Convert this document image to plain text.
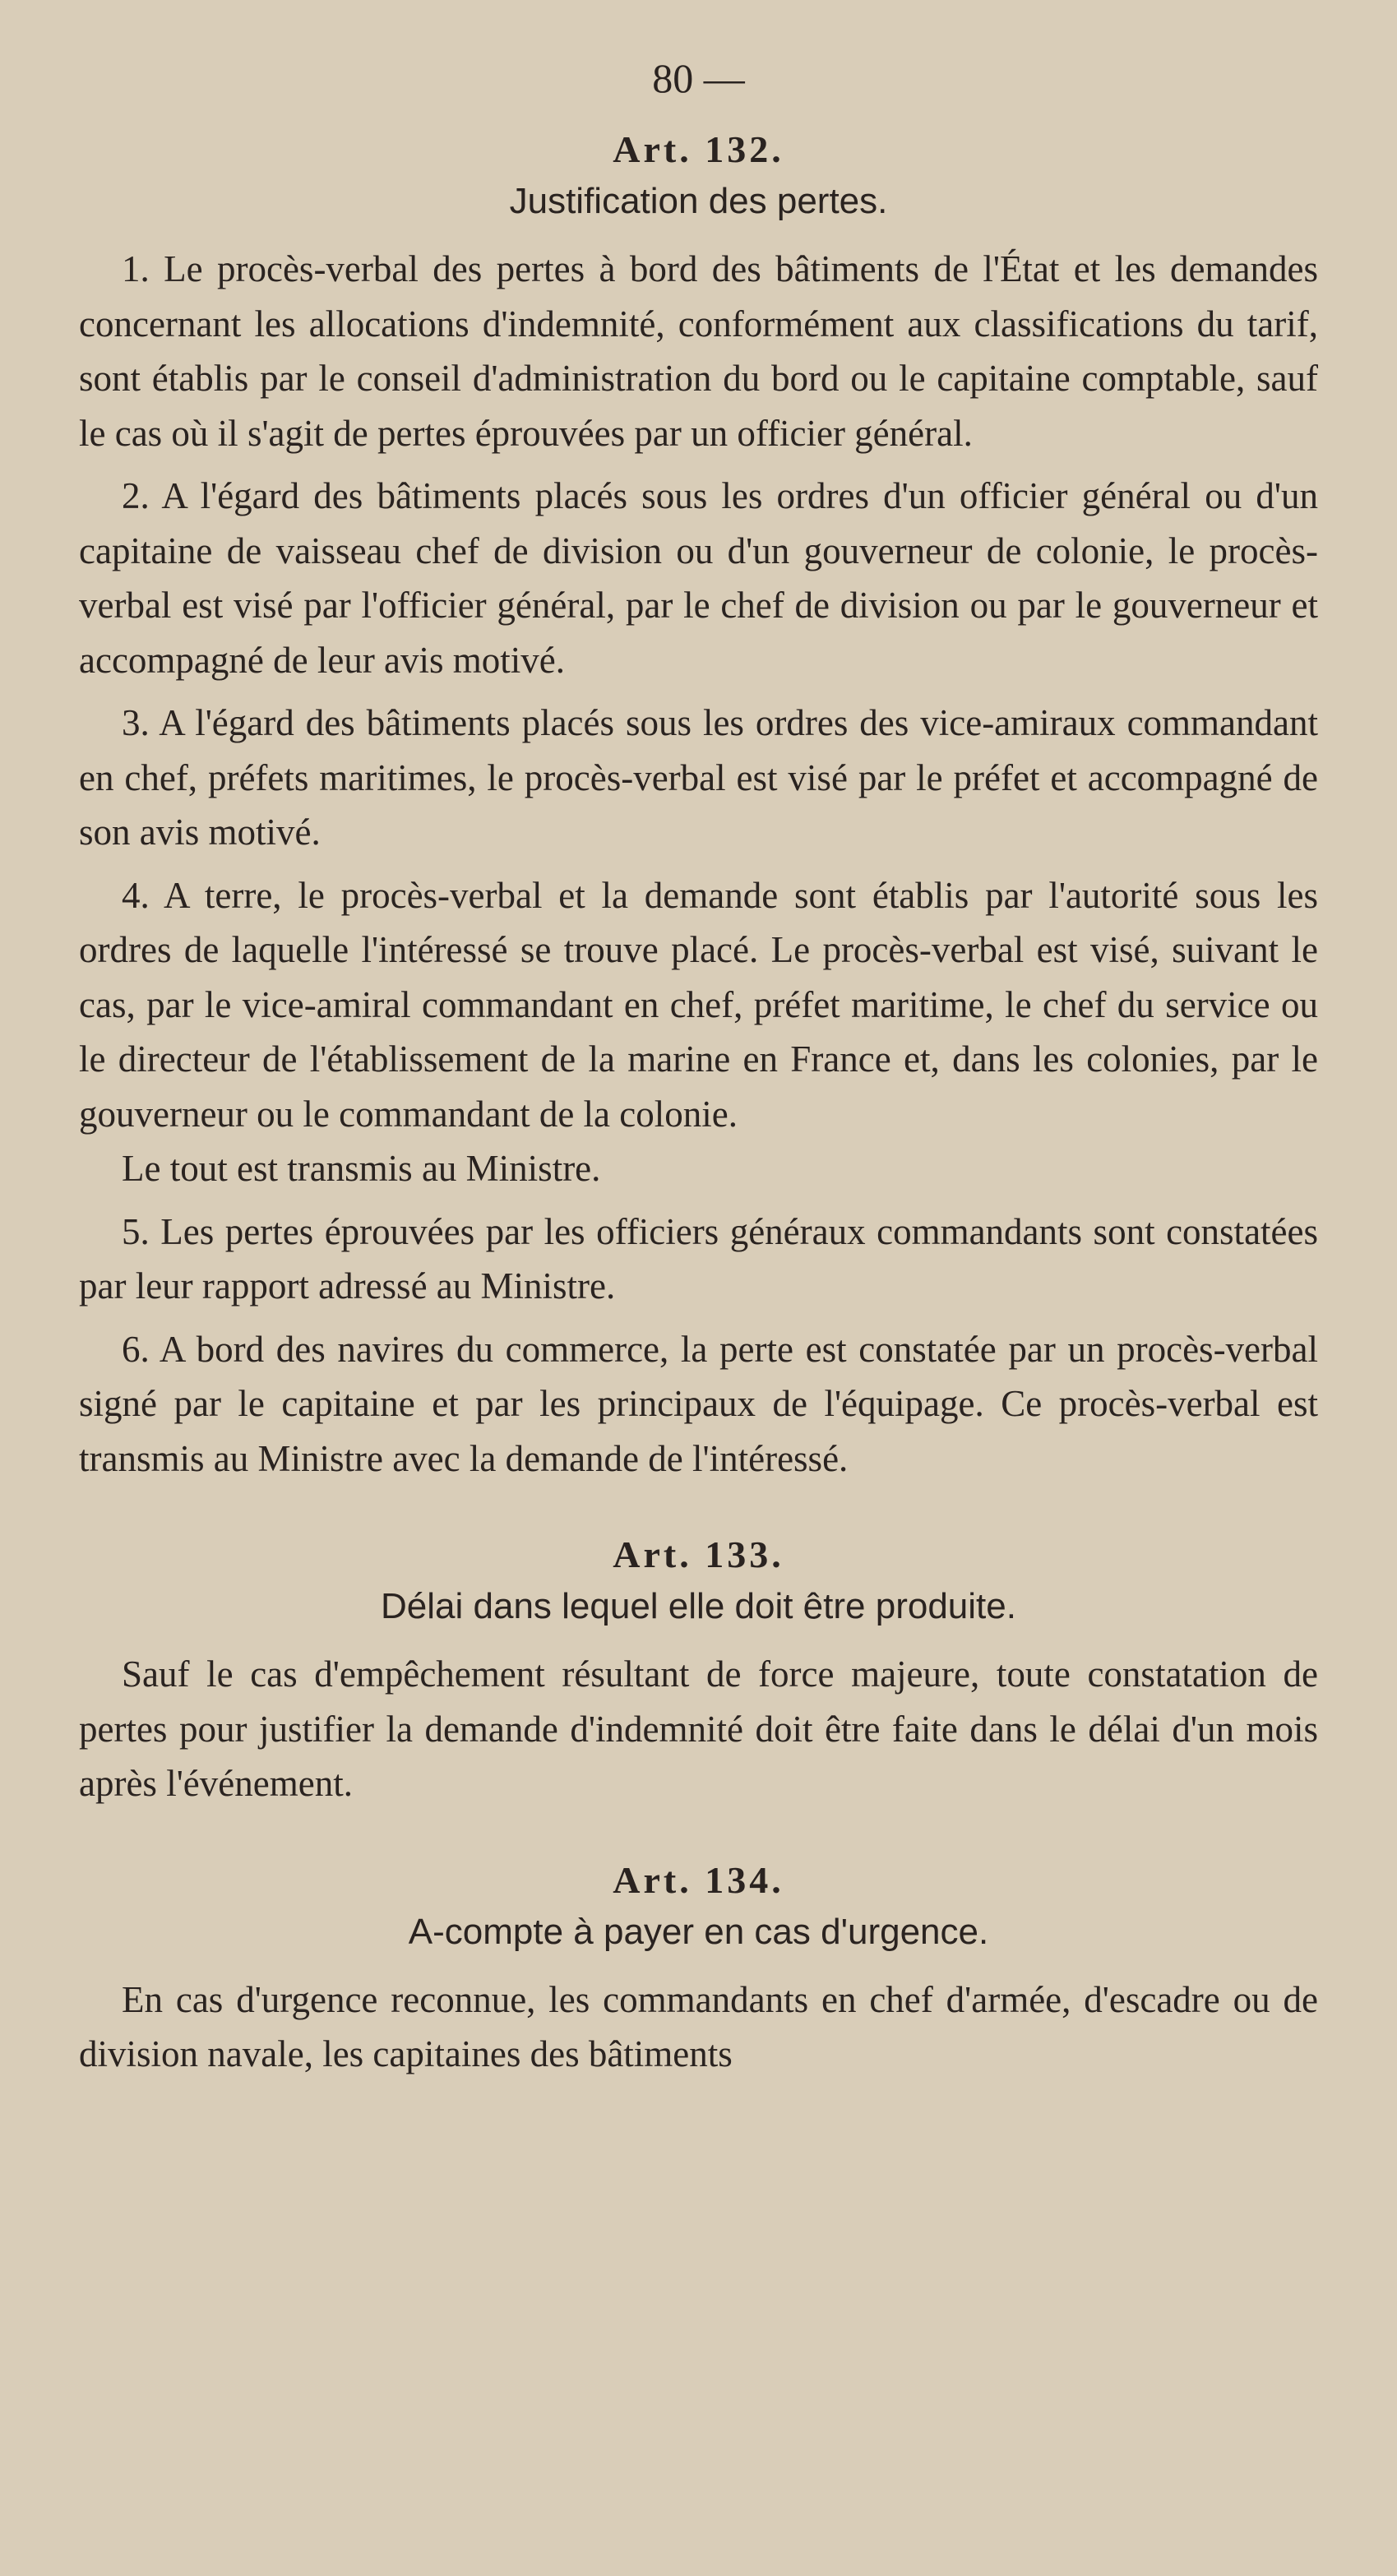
80 —
Art. 132.
Justification des pertes.

1. Le procès-verbal des pertes à bord des bâtiments de l'État et les demandes concernant les allocations d'indemnité, conformément aux classifications du tarif, sont établis par le conseil d'administration du bord ou le capitaine comptable, sauf le cas où il s'agit de pertes éprouvées par un officier général.

2. A l'égard des bâtiments placés sous les ordres d'un officier général ou d'un capitaine de vaisseau chef de division ou d'un gouverneur de colonie, le procès-verbal est visé par l'officier général, par le chef de division ou par le gouverneur et accompagné de leur avis motivé.

3. A l'égard des bâtiments placés sous les ordres des vice-amiraux commandant en chef, préfets maritimes, le procès-verbal est visé par le préfet et accompagné de son avis motivé.

4. A terre, le procès-verbal et la demande sont établis par l'autorité sous les ordres de laquelle l'intéressé se trouve placé. Le procès-verbal est visé, suivant le cas, par le vice-amiral commandant en chef, préfet maritime, le chef du service ou le directeur de l'établissement de la marine en France et, dans les colonies, par le gouverneur ou le commandant de la colonie.

Le tout est transmis au Ministre.

5. Les pertes éprouvées par les officiers généraux commandants sont constatées par leur rapport adressé au Ministre.

6. A bord des navires du commerce, la perte est constatée par un procès-verbal signé par le capitaine et par les principaux de l'équipage. Ce procès-verbal est transmis au Ministre avec la demande de l'intéressé.

Art. 133.
Délai dans lequel elle doit être produite.

Sauf le cas d'empêchement résultant de force majeure, toute constatation de pertes pour justifier la demande d'indemnité doit être faite dans le délai d'un mois après l'événement.

Art. 134.
A-compte à payer en cas d'urgence.

En cas d'urgence reconnue, les commandants en chef d'armée, d'escadre ou de division navale, les capitaines des bâtiments
